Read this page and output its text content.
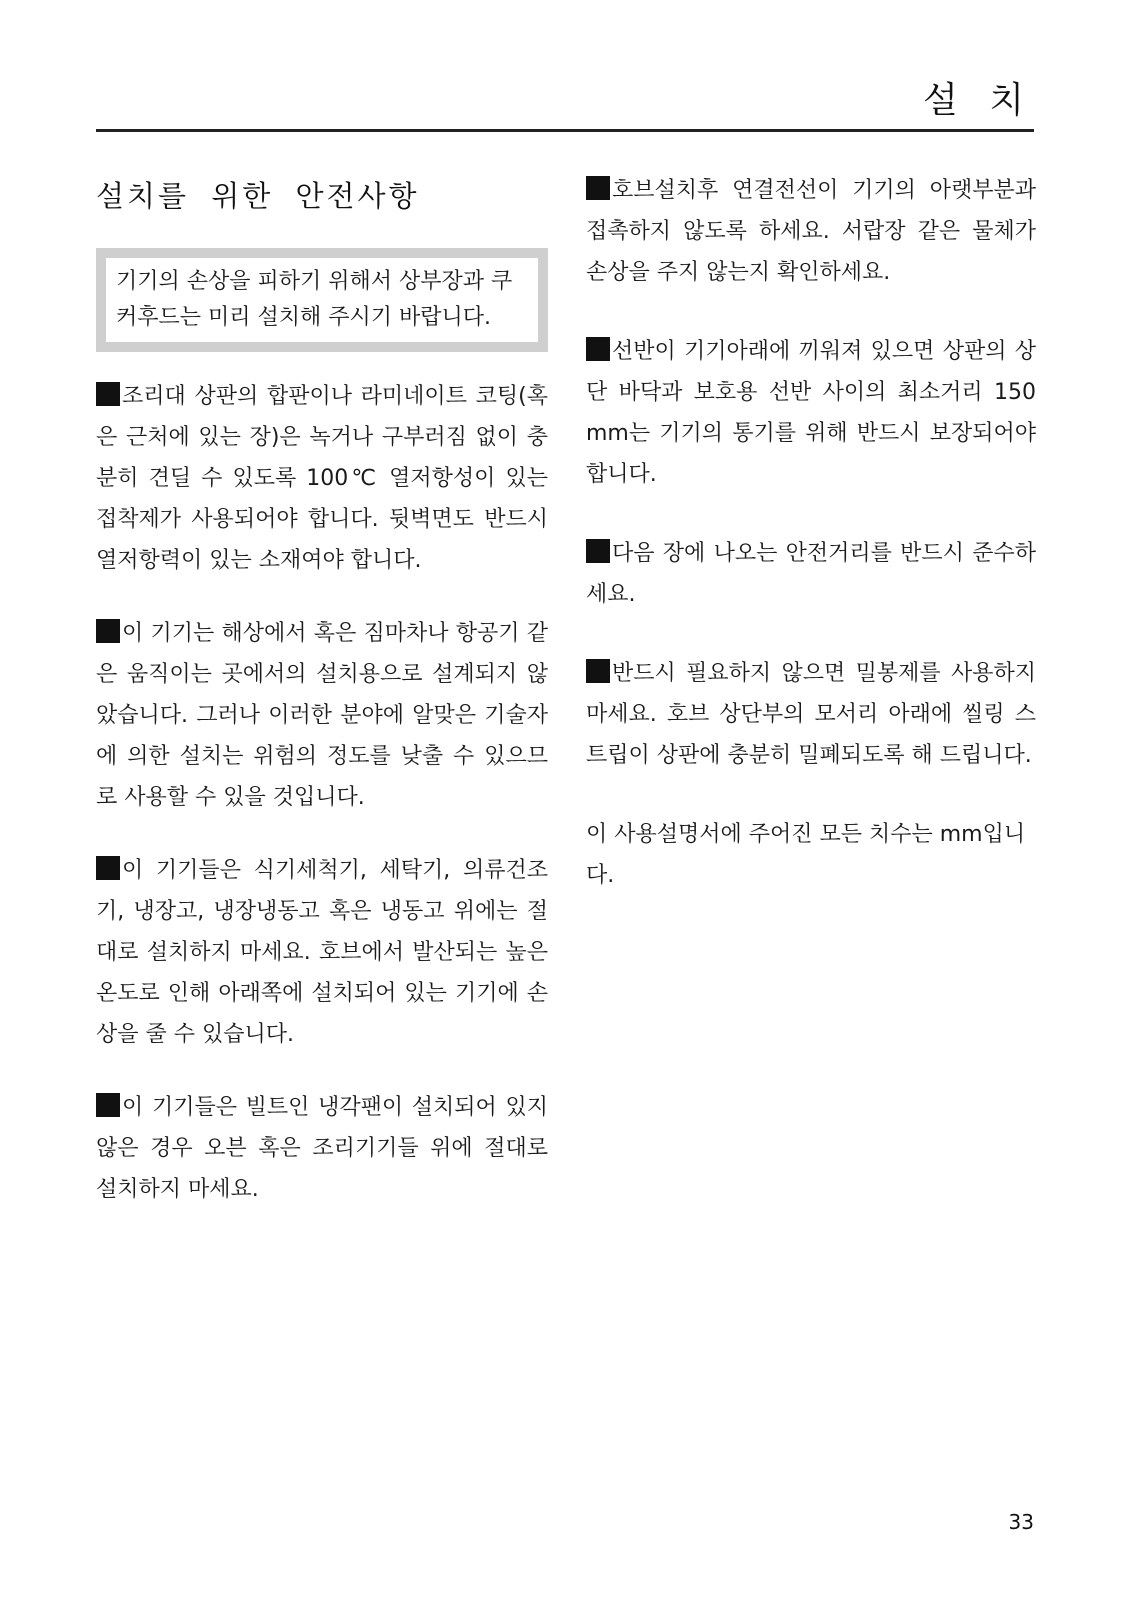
설 치
설치를 위한 안전사항
기기의 손상을 피하기 위해서 상부장과 쿠커후드는 미리 설치해 주시기 바랍니다.

조리대 상판의 합판이나 라미네이트 코팅(혹은 근처에 있는 장)은 녹거나 구부러짐 없이 충분히 견딜 수 있도록 100℃ 열저항성이 있는 접착제가 사용되어야 합니다. 뒷벽면도 반드시 열저항력이 있는 소재여야 합니다.

이 기기는 해상에서 혹은 짐마차나 항공기 같은 움직이는 곳에서의 설치용으로 설계되지 않았습니다. 그러나 이러한 분야에 알맞은 기술자에 의한 설치는 위험의 정도를 낮출 수 있으므로 사용할 수 있을 것입니다.

이 기기들은 식기세척기, 세탁기, 의류건조기, 냉장고, 냉장냉동고 혹은 냉동고 위에는 절대로 설치하지 마세요. 호브에서 발산되는 높은 온도로 인해 아래쪽에 설치되어 있는 기기에 손상을 줄 수 있습니다.

이 기기들은 빌트인 냉각팬이 설치되어 있지 않은 경우 오븐 혹은 조리기기들 위에 절대로 설치하지 마세요.

호브설치후 연결전선이 기기의 아랫부분과 접촉하지 않도록 하세요. 서랍장 같은 물체가 손상을 주지 않는지 확인하세요.

선반이 기기아래에 끼워져 있으면 상판의 상단 바닥과 보호용 선반 사이의 최소거리 150 mm는 기기의 통기를 위해 반드시 보장되어야 합니다.

다음 장에 나오는 안전거리를 반드시 준수하세요.

반드시 필요하지 않으면 밀봉제를 사용하지 마세요. 호브 상단부의 모서리 아래에 씰링 스트립이 상판에 충분히 밀폐되도록 해 드립니다.

이 사용설명서에 주어진 모든 치수는 mm입니다.

33
